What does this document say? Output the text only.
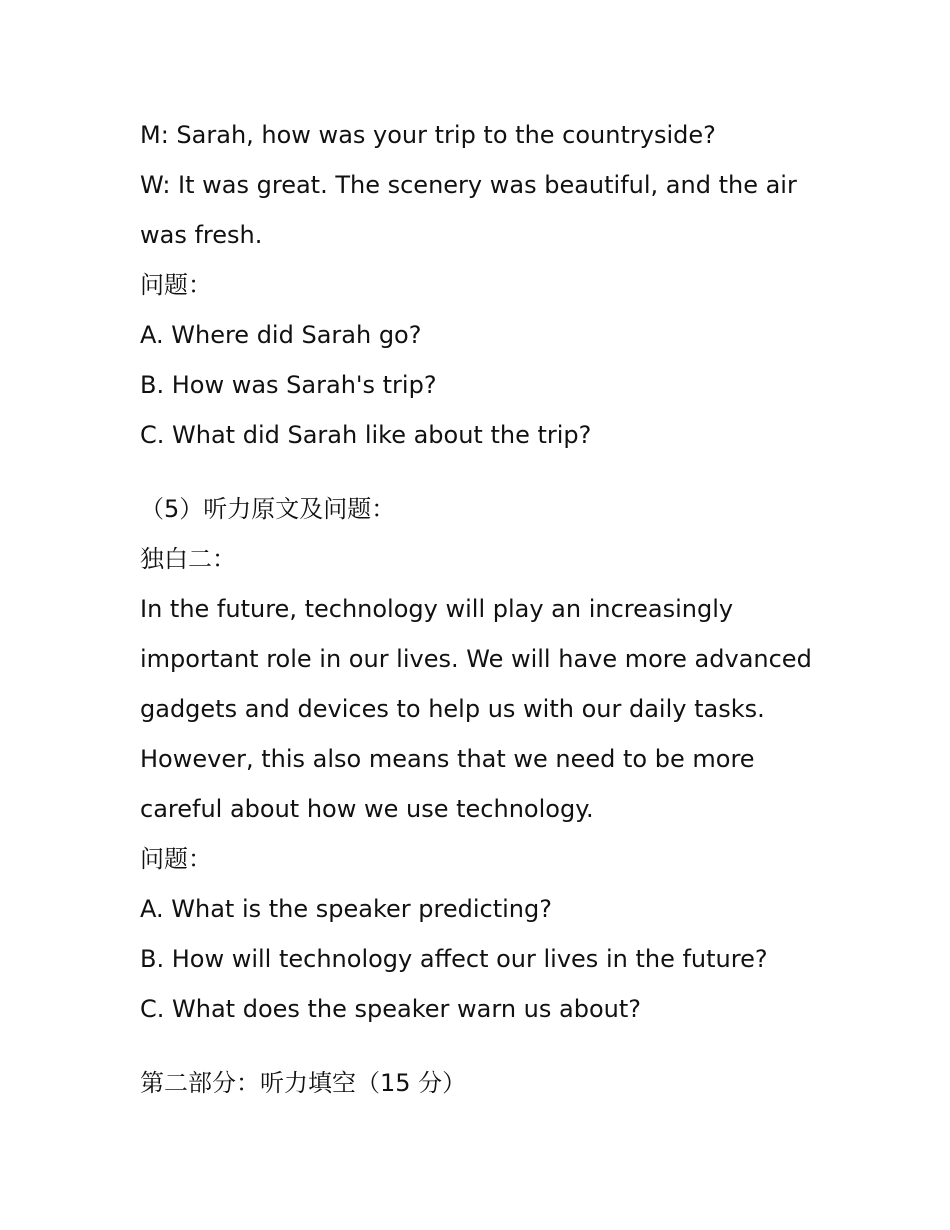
M: Sarah, how was your trip to the countryside?

W: It was great. The scenery was beautiful, and the air

was fresh.

问题：

A. Where did Sarah go?

B. How was Sarah's trip?

C. What did Sarah like about the trip?

（5）听力原文及问题：

独白二：

In the future, technology will play an increasingly

important role in our lives. We will have more advanced

gadgets and devices to help us with our daily tasks.

However, this also means that we need to be more

careful about how we use technology.

问题：

A. What is the speaker predicting?

B. How will technology affect our lives in the future?

C. What does the speaker warn us about?

第二部分：听力填空（15 分）
